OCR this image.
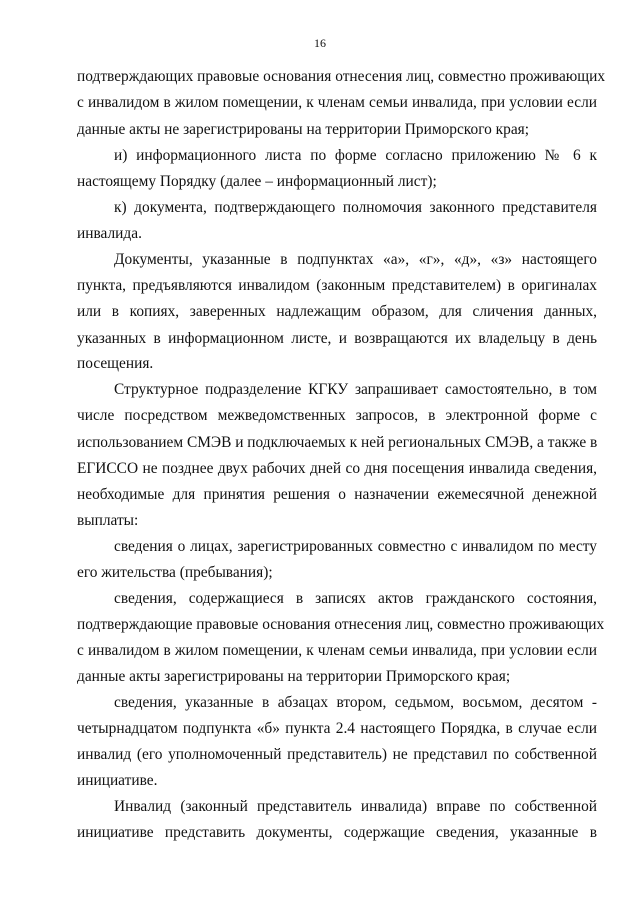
16
подтверждающих правовые основания отнесения лиц, совместно проживающих
с инвалидом в жилом помещении, к членам семьи инвалида, при условии если
данные акты не зарегистрированы на территории Приморского края;
и) информационного листа по форме согласно приложению № 6 к
настоящему Порядку (далее – информационный лист);
к) документа, подтверждающего полномочия законного представителя
инвалида.
Документы, указанные в подпунктах «а», «г», «д», «з» настоящего
пункта, предъявляются инвалидом (законным представителем) в оригиналах
или в копиях, заверенных надлежащим образом, для сличения данных,
указанных в информационном листе, и возвращаются их владельцу в день
посещения.
Структурное подразделение КГКУ запрашивает самостоятельно, в том
числе посредством межведомственных запросов, в электронной форме с
использованием СМЭВ и подключаемых к ней региональных СМЭВ, а также в
ЕГИССО не позднее двух рабочих дней со дня посещения инвалида сведения,
необходимые для принятия решения о назначении ежемесячной денежной
выплаты:
сведения о лицах, зарегистрированных совместно с инвалидом по месту
его жительства (пребывания);
сведения, содержащиеся в записях актов гражданского состояния,
подтверждающие правовые основания отнесения лиц, совместно проживающих
с инвалидом в жилом помещении, к членам семьи инвалида, при условии если
данные акты зарегистрированы на территории Приморского края;
сведения, указанные в абзацах втором, седьмом, восьмом, десятом -
четырнадцатом подпункта «б» пункта 2.4 настоящего Порядка, в случае если
инвалид (его уполномоченный представитель) не представил по собственной
инициативе.
Инвалид (законный представитель инвалида) вправе по собственной
инициативе представить документы, содержащие сведения, указанные в
